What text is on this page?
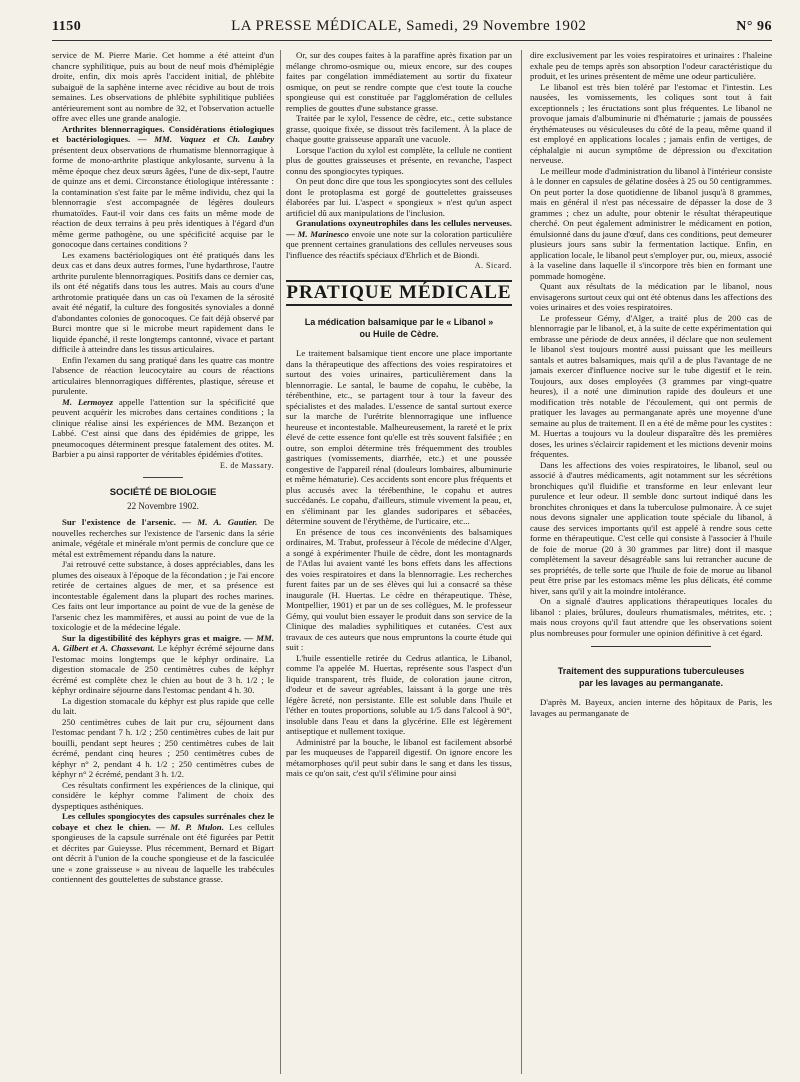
1150	LA PRESSE MÉDICALE, Samedi, 29 Novembre 1902	N° 96

service de M. Pierre Marie. Cet homme a été atteint d'un chancre syphilitique, puis au bout de neuf mois d'hémiplégie droite, enfin, dix mois après l'accident initial, de phlébite subaiguë de la saphène interne avec récidive au bout de trois semaines. Les observations de phlébite syphilitique publiées antérieurement sont au nombre de 32, et l'observation actuelle offre avec elles une grande analogie.

Arthrites blennorragiques. Considérations étiologiques et bactériologiques. — MM. Vaquez et Ch. Laubry présentent deux observations de rhumatisme blennorragique à forme de mono-arthrite plastique ankylosante, survenu à la même époque chez deux sœurs âgées, l'une de dix-sept, l'autre de quinze ans et demi. Circonstance étiologique intéressante : la contamination s'est faite par le même individu, chez qui la blennorragie s'est accompagnée de légères douleurs rhumatoïdes. Faut-il voir dans ces faits un même mode de réaction de deux terrains à peu près identiques à l'égard d'un même germe pathogène, ou une spécificité acquise par le gonocoque dans certaines conditions ?

Les examens bactériologiques ont été pratiqués dans les deux cas et dans deux autres formes, l'une hydarthrose, l'autre arthrite purulente blennorragiques. Positifs dans ce dernier cas, ils ont été négatifs dans tous les autres. Mais au cours d'une arthrotomie pratiquée dans un cas où l'examen de la sérosité avait été négatif, la culture des fongosités synoviales a donné d'abondantes colonies de gonocoques. Ce fait déjà observé par Burci montre que si le microbe meurt rapidement dans le liquide épanché, il reste longtemps cantonné, vivace et partant difficile à atteindre dans les tissus articulaires.

Enfin l'examen du sang pratiqué dans les quatre cas montre l'absence de réaction leucocytaire au cours de réactions articulaires blennorragiques différentes, plastique, séreuse et purulente.

M. Lermoyez appelle l'attention sur la spécificité que peuvent acquérir les microbes dans certaines conditions ; la clinique réalise ainsi les expériences de MM. Bezançon et Labbé. C'est ainsi que dans des épidémies de grippe, les pneumocoques déterminent presque fatalement des otites. M. Barbier a pu ainsi rapporter de véritables épidémies d'otites.

E. de Massary.
SOCIÉTÉ DE BIOLOGIE
22 Novembre 1902.

Sur l'existence de l'arsenic. — M. A. Gautier. De nouvelles recherches sur l'existence de l'arsenic dans la série animale, végétale et minérale m'ont permis de conclure que ce métal est extrêmement répandu dans la nature.

J'ai retrouvé cette substance, à doses appréciables, dans les plumes des oiseaux à l'époque de la fécondation ; je l'ai encore retirée de certaines algues de mer, et sa présence est incontestable également dans la plupart des roches marines. Ces faits ont leur importance au point de vue de la genèse de l'arsenic chez les mammifères, et aussi au point de vue de la toxicologie et de la médecine légale.

Sur la digestibilité des képhyrs gras et maigre. — MM. A. Gilbert et A. Chassevant. Le képhyr écrémé séjourne dans l'estomac moins longtemps que le képhyr ordinaire. La digestion stomacale de 250 centimètres cubes de képhyr écrémé est complète chez le chien au bout de 3 h. 1/2 ; le képhyr ordinaire séjourne dans l'estomac pendant 4 h. 30.

La digestion stomacale du képhyr est plus rapide que celle du lait.

250 centimètres cubes de lait pur cru, séjournent dans l'estomac pendant 7 h. 1/2 ; 250 centimètres cubes de lait pur bouilli, pendant sept heures ; 250 centimètres cubes de lait écrémé, pendant cinq heures ; 250 centimètres cubes de képhyr n° 2, pendant 4 h. 1/2 ; 250 centimètres cubes de képhyr n° 2 écrémé, pendant 3 h. 1/2.

Ces résultats confirment les expériences de la clinique, qui considère le képhyr comme l'aliment de choix des dyspeptiques asthéniques.

Les cellules spongiocytes des capsules surrénales chez le cobaye et chez le chien. — M. P. Mulon. Les cellules spongieuses de la capsule surrénale ont été figurées par Pettit et décrites par Guieysse. Plus récemment, Bernard et Bigart ont décrit à l'union de la couche spongieuse et de la fasciculée une « zone graisseuse » au niveau de laquelle les trabécules contiennent des gouttelettes de substance grasse.

Or, sur des coupes faites à la paraffine après fixation par un mélange chromo-osmique ou, mieux encore, sur des coupes faites par congélation immédiatement au sortir du fixateur osmique, on peut se rendre compte que c'est toute la couche spongieuse qui est constituée par l'agglomération de cellules remplies de gouttes d'une substance grasse.

Traitée par le xylol, l'essence de cèdre, etc., cette substance grasse, quoique fixée, se dissout très facilement. À la place de chaque goutte graisseuse apparaît une vacuole.

Lorsque l'action du xylol est complète, la cellule ne contient plus de gouttes graisseuses et présente, en revanche, l'aspect connu des spongiocytes typiques.

On peut donc dire que tous les spongiocytes sont des cellules dont le protoplasma est gorgé de gouttelettes graisseuses élaborées par lui. L'aspect « spongieux » n'est qu'un aspect artificiel dû aux manipulations de l'inclusion.

Granulations oxyneutrophiles dans les cellules nerveuses. — M. Marinesco envoie une note sur la coloration particulière que prennent certaines granulations des cellules nerveuses sous l'influence des réactifs spéciaux d'Ehrlich et de Biondi.

A. Sicard.
PRATIQUE MÉDICALE
La médication balsamique par le « Libanol »
ou Huile de Cèdre.

Le traitement balsamique tient encore une place importante dans la thérapeutique des affections des voies respiratoires et surtout des voies urinaires, particulièrement dans la blennorragie. Le santal, le baume de copahu, le cubèbe, la térébenthine, etc., se partagent tour à tour la faveur des spécialistes et des malades. L'essence de santal surtout exerce sur la marche de l'urétrite blennorragique une influence heureuse et incontestable. Malheureusement, la rareté et le prix élevé de cette essence font qu'elle est très souvent falsifiée ; en outre, son emploi détermine très fréquemment des troubles gastriques (vomissements, diarrhée, etc.) et une poussée congestive de l'appareil rénal (douleurs lombaires, albuminurie et même hématurie). Ces accidents sont encore plus fréquents et plus accusés avec la térébenthine, le copahu et autres succédanés. Le copahu, d'ailleurs, stimule vivement la peau, et, en s'éliminant par les glandes sudoripares et sébacées, détermine souvent de l'érythème, de l'urticaire, etc...

En présence de tous ces inconvénients des balsamiques ordinaires, M. Trabut, professeur à l'école de médecine d'Alger, a songé à expérimenter l'huile de cèdre, dont les montagnards de l'Atlas lui avaient vanté les bons effets dans les affections des voies respiratoires et dans la blennorragie. Les recherches furent faites par un de ses élèves qui lui a consacré sa thèse inaugurale (H. Huertas. Le cèdre en thérapeutique. Thèse, Montpellier, 1901) et par un de ses collègues, M. le professeur Gémy, qui voulut bien essayer le produit dans son service de la Clinique des maladies syphilitiques et cutanées. C'est aux travaux de ces auteurs que nous empruntons la courte étude qui suit :

L'huile essentielle retirée du Cedrus atlantica, le Libanol, comme l'a appelée M. Huertas, représente sous l'aspect d'un liquide transparent, très fluide, de coloration jaune citron, d'odeur et de saveur agréables, laissant à la gorge une très légère âcreté, non persistante. Elle est soluble dans l'huile et l'éther en toutes proportions, soluble au 1/5 dans l'alcool à 90°, insoluble dans l'eau et dans la glycérine. Elle est légèrement antiseptique et nullement toxique.

Administré par la bouche, le libanol est facilement absorbé par les muqueuses de l'appareil digestif. On ignore encore les métamorphoses qu'il peut subir dans le sang et dans les tissus, mais ce qu'on sait, c'est qu'il s'élimine pour ainsi

dire exclusivement par les voies respiratoires et urinaires : l'haleine exhale peu de temps après son absorption l'odeur caractéristique du produit, et les urines présentent de même une odeur particulière.

Le libanol est très bien toléré par l'estomac et l'intestin. Les nausées, les vomissements, les coliques sont tout à fait exceptionnels ; les éructations sont plus fréquentes. Le libanol ne provoque jamais d'albuminurie ni d'hématurie ; jamais de poussées érythémateuses ou vésiculeuses du côté de la peau, même quand il est employé en applications locales ; jamais enfin de vertiges, de céphalalgie ni aucun symptôme de dépression ou d'excitation nerveuse.

Le meilleur mode d'administration du libanol à l'intérieur consiste à le donner en capsules de gélatine dosées à 25 ou 50 centigrammes. On peut porter la dose quotidienne de libanol jusqu'à 8 grammes, mais en général il n'est pas nécessaire de dépasser la dose de 3 grammes ; chez un adulte, pour obtenir le résultat thérapeutique cherché. On peut également administrer le médicament en potion, émulsionné dans du jaune d'œuf, dans ces conditions, peut demeurer plusieurs jours sans subir la fermentation lactique. Enfin, en application locale, le libanol peut s'employer pur, ou, mieux, associé à la vaseline dans laquelle il s'incorpore très bien en formant une pommade homogène.

Quant aux résultats de la médication par le libanol, nous envisagerons surtout ceux qui ont été obtenus dans les affections des voies urinaires et des voies respiratoires.

Le professeur Gémy, d'Alger, a traité plus de 200 cas de blennorragie par le libanol, et, à la suite de cette expérimentation qui embrasse une période de deux années, il déclare que non seulement le libanol s'est toujours montré aussi puissant que les meilleurs santals et autres balsamiques, mais qu'il a de plus l'avantage de ne jamais exercer d'influence nocive sur le tube digestif et le rein. Toujours, aux doses employées (3 grammes par vingt-quatre heures), il a noté une diminution rapide des douleurs et une modification très notable de l'écoulement, qui ont permis de pratiquer les lavages au permanganate après une moyenne d'une semaine au plus de traitement. Il en a été de même pour les cystites : M. Huertas a toujours vu la douleur disparaître dès les premières doses, les urines s'éclaircir rapidement et les mictions devenir moins fréquentes.

Dans les affections des voies respiratoires, le libanol, seul ou associé à d'autres médicaments, agit notamment sur les sécrétions bronchiques qu'il fluidifie et transforme en leur enlevant leur purulence et leur odeur. Il semble donc surtout indiqué dans les bronchites chroniques et dans la tuberculose pulmonaire. À ce sujet nous devons signaler une application toute spéciale du libanol, à cause des services importants qu'il est appelé à rendre sous cette forme en thérapeutique. C'est celle qui consiste à l'associer à l'huile de foie de morue (20 à 30 grammes par litre) dont il masque complètement la saveur désagréable sans lui retrancher aucune de ses propriétés, de telle sorte que l'huile de foie de morue au libanol peut être prise par les estomacs même les plus délicats, été comme hiver, sans qu'il y ait la moindre intolérance.

On a signalé d'autres applications thérapeutiques locales du libanol : plaies, brûlures, douleurs rhumatismales, métrites, etc. ; mais nous croyons qu'il faut attendre que les observations soient plus nombreuses pour formuler une opinion définitive à cet égard.

Traitement des suppurations tuberculeuses
par les lavages au permanganate.

D'après M. Bayeux, ancien interne des hôpitaux de Paris, les lavages au permanganate de
